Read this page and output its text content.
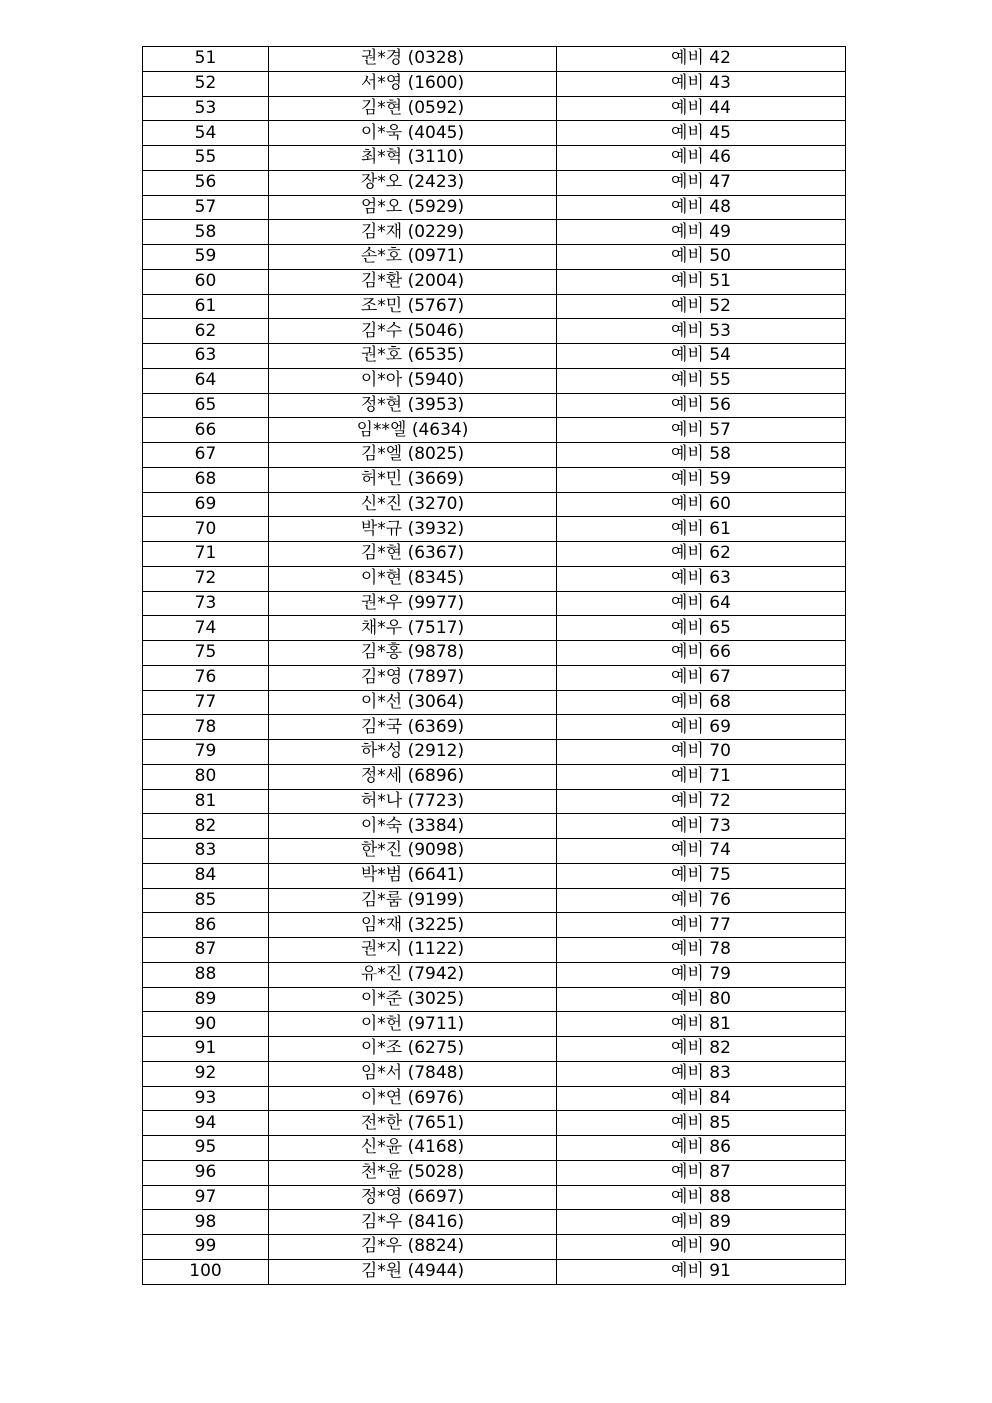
51	권*경 (0328)	예비 42
52	서*영 (1600)	예비 43
53	김*현 (0592)	예비 44
54	이*욱 (4045)	예비 45
55	최*혁 (3110)	예비 46
56	장*오 (2423)	예비 47
57	엄*오 (5929)	예비 48
58	김*재 (0229)	예비 49
59	손*호 (0971)	예비 50
60	김*환 (2004)	예비 51
61	조*민 (5767)	예비 52
62	김*수 (5046)	예비 53
63	권*호 (6535)	예비 54
64	이*아 (5940)	예비 55
65	정*현 (3953)	예비 56
66	임**엘 (4634)	예비 57
67	김*엘 (8025)	예비 58
68	허*민 (3669)	예비 59
69	신*진 (3270)	예비 60
70	박*규 (3932)	예비 61
71	김*현 (6367)	예비 62
72	이*현 (8345)	예비 63
73	권*우 (9977)	예비 64
74	채*우 (7517)	예비 65
75	김*홍 (9878)	예비 66
76	김*영 (7897)	예비 67
77	이*선 (3064)	예비 68
78	김*국 (6369)	예비 69
79	하*성 (2912)	예비 70
80	정*세 (6896)	예비 71
81	허*나 (7723)	예비 72
82	이*숙 (3384)	예비 73
83	한*진 (9098)	예비 74
84	박*범 (6641)	예비 75
85	김*룸 (9199)	예비 76
86	임*재 (3225)	예비 77
87	권*지 (1122)	예비 78
88	유*진 (7942)	예비 79
89	이*준 (3025)	예비 80
90	이*헌 (9711)	예비 81
91	이*조 (6275)	예비 82
92	임*서 (7848)	예비 83
93	이*연 (6976)	예비 84
94	전*한 (7651)	예비 85
95	신*윤 (4168)	예비 86
96	천*윤 (5028)	예비 87
97	정*영 (6697)	예비 88
98	김*우 (8416)	예비 89
99	김*우 (8824)	예비 90
100	김*원 (4944)	예비 91
